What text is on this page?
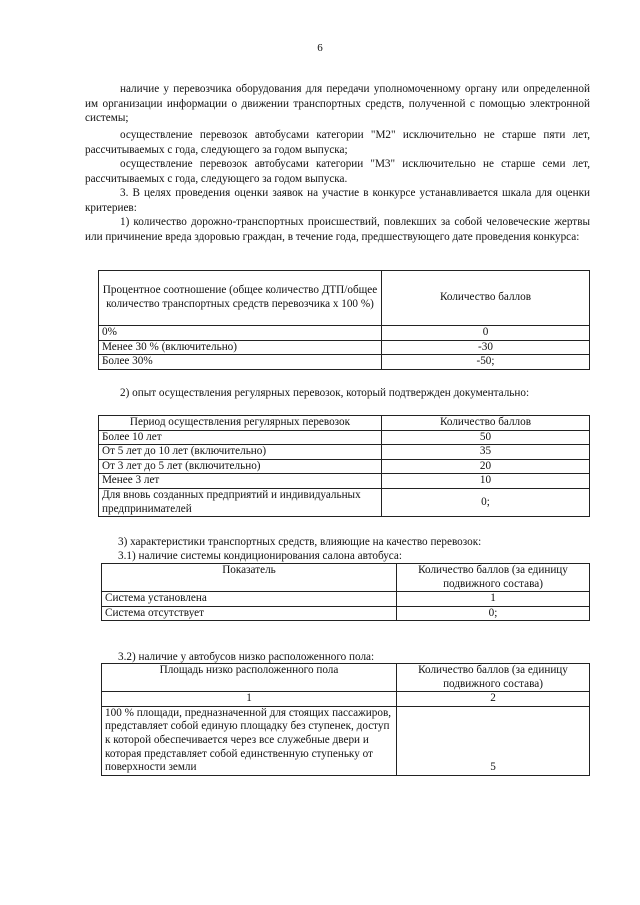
6
наличие у перевозчика оборудования для передачи уполномоченному органу или определенной им организации информации о движении транспортных средств, полученной с помощью электронной системы;
осуществление перевозок автобусами категории "М2" исключительно не старше пяти лет, рассчитываемых с года, следующего за годом выпуска;
осуществление перевозок автобусами категории "М3" исключительно не старше семи лет, рассчитываемых с года, следующего за годом выпуска.
3. В целях проведения оценки заявок на участие в конкурсе устанавливается шкала для оценки критериев:
1) количество дорожно-транспортных происшествий, повлекших за собой человеческие жертвы или причинение вреда здоровью граждан, в течение года, предшествующего дате проведения конкурса:
Процентное соотношение (общее количество ДТП/общее количество транспортных средств перевозчика х 100 %)	Количество баллов
0%	0
Менее 30 % (включительно)	-30
Более 30%	-50;
2) опыт осуществления регулярных перевозок, который подтвержден документально:
Период осуществления регулярных перевозок	Количество баллов
Более 10 лет	50
От 5 лет до 10 лет (включительно)	35
От 3 лет до 5 лет (включительно)	20
Менее 3 лет	10
Для вновь созданных предприятий и индивидуальных предпринимателей	0;
3) характеристики транспортных средств, влияющие на качество перевозок:
3.1) наличие системы кондиционирования салона автобуса:
Показатель	Количество баллов (за единицу подвижного состава)
Система установлена	1
Система отсутствует	0;
3.2) наличие у автобусов низко расположенного пола:
Площадь низко расположенного пола	Количество баллов (за единицу подвижного состава)
1	2
100 % площади, предназначенной для стоящих пассажиров, представляет собой единую площадку без ступенек, доступ к которой обеспечивается через все служебные двери и которая представляет собой единственную ступеньку от поверхности земли	5
